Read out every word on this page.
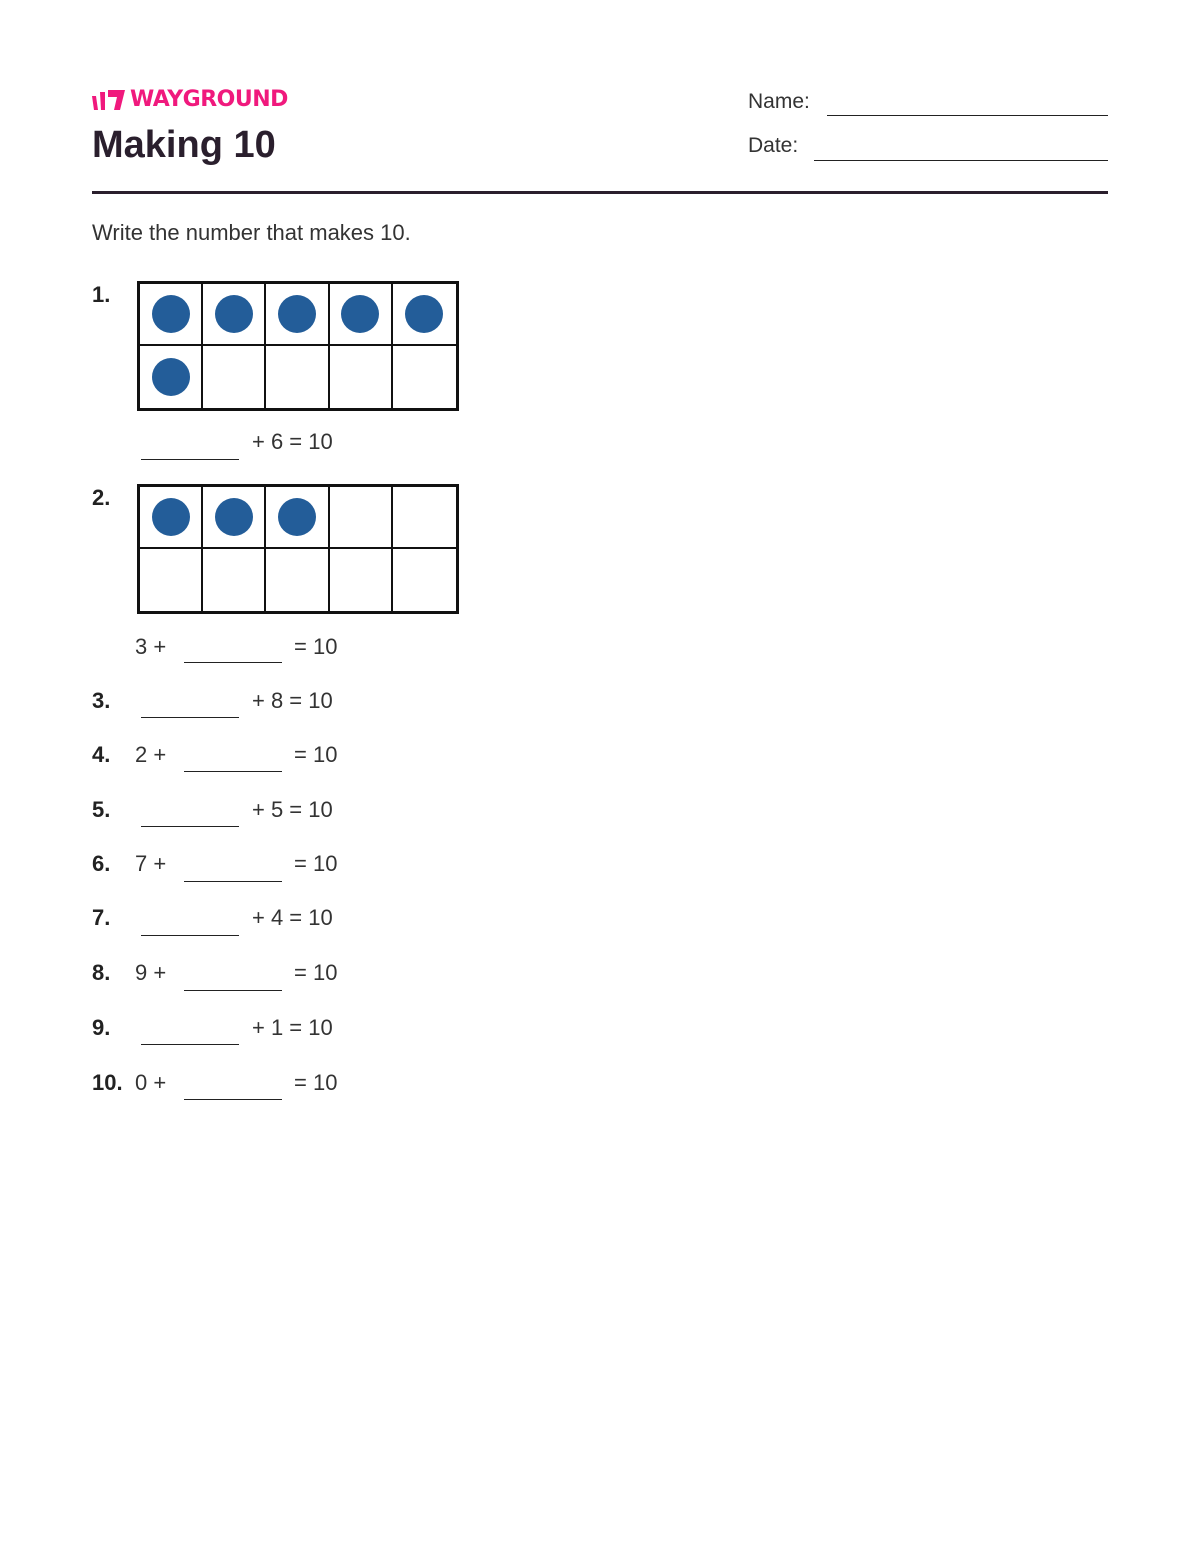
WAYGROUND
Making 10
Name:
Date:
Write the number that makes 10.
1.
+ 6 = 10
2.
3 +	= 10
3.	+ 8 = 10
4. 2 +	= 10
5.	+ 5 = 10
6. 7 +	= 10
7.	+ 4 = 10
8. 9 +	= 10
9.	+ 1 = 10
10. 0 +	= 10
